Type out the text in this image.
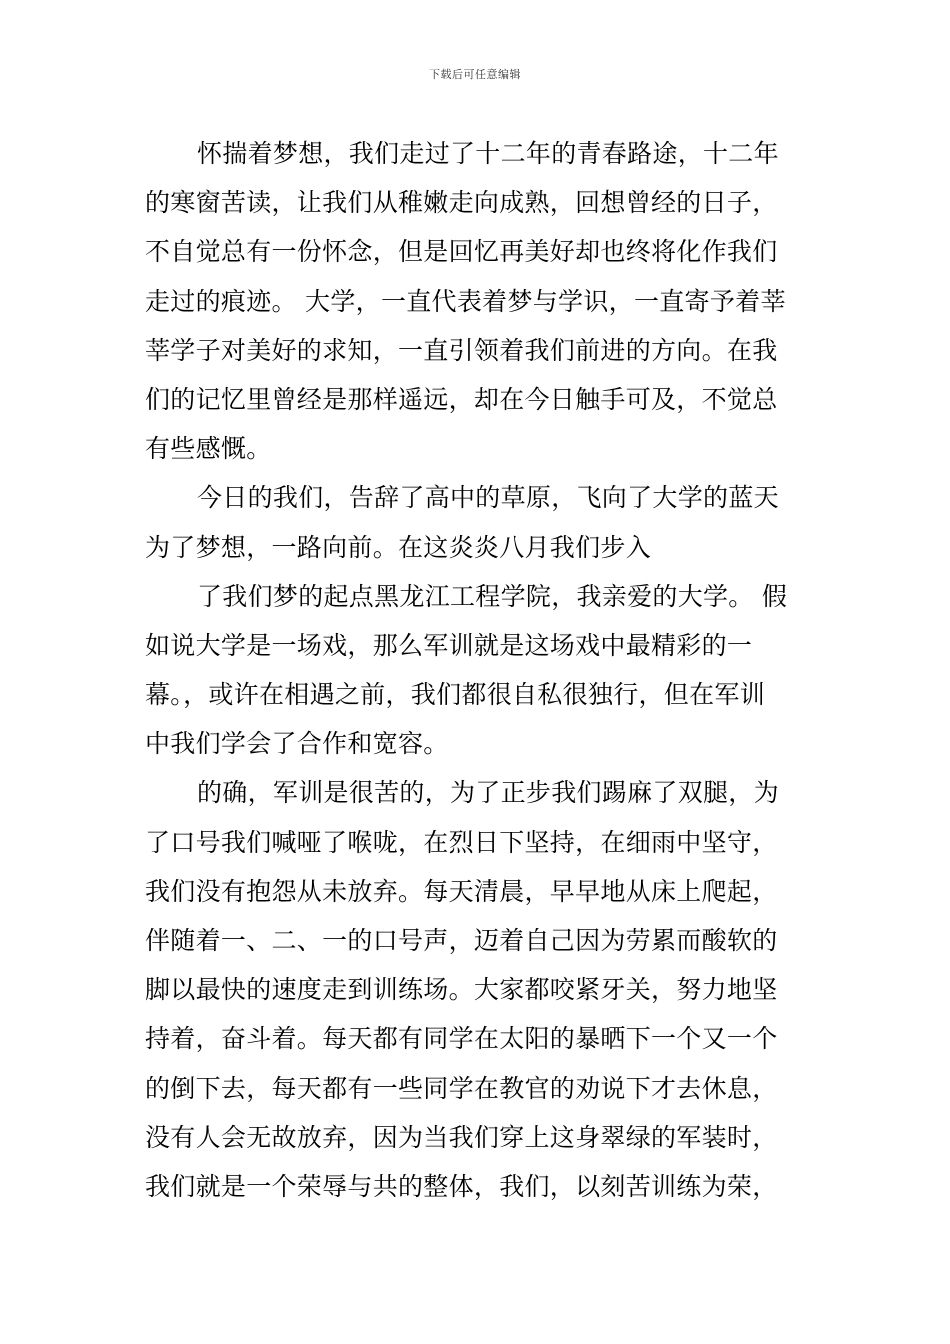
下载后可任意编辑
怀揣着梦想，我们走过了十二年的青春路途，十二年
的寒窗苦读，让我们从稚嫩走向成熟，回想曾经的日子，
不自觉总有一份怀念，但是回忆再美好却也终将化作我们
走过的痕迹。 大学，一直代表着梦与学识，一直寄予着莘
莘学子对美好的求知，一直引领着我们前进的方向。在我
们的记忆里曾经是那样遥远，却在今日触手可及，不觉总
有些感慨。
今日的我们，告辞了高中的草原，飞向了大学的蓝天
为了梦想，一路向前。在这炎炎八月我们步入
了我们梦的起点黑龙江工程学院，我亲爱的大学。 假
如说大学是一场戏，那么军训就是这场戏中最精彩的一
幕。，或许在相遇之前，我们都很自私很独行，但在军训
中我们学会了合作和宽容。
的确，军训是很苦的，为了正步我们踢麻了双腿，为
了口号我们喊哑了喉咙，在烈日下坚持，在细雨中坚守，
我们没有抱怨从未放弃。每天清晨，早早地从床上爬起，
伴随着一、二、一的口号声，迈着自己因为劳累而酸软的
脚以最快的速度走到训练场。大家都咬紧牙关，努力地坚
持着，奋斗着。每天都有同学在太阳的暴晒下一个又一个
的倒下去，每天都有一些同学在教官的劝说下才去休息，
没有人会无故放弃，因为当我们穿上这身翠绿的军装时，
我们就是一个荣辱与共的整体，我们，以刻苦训练为荣，
